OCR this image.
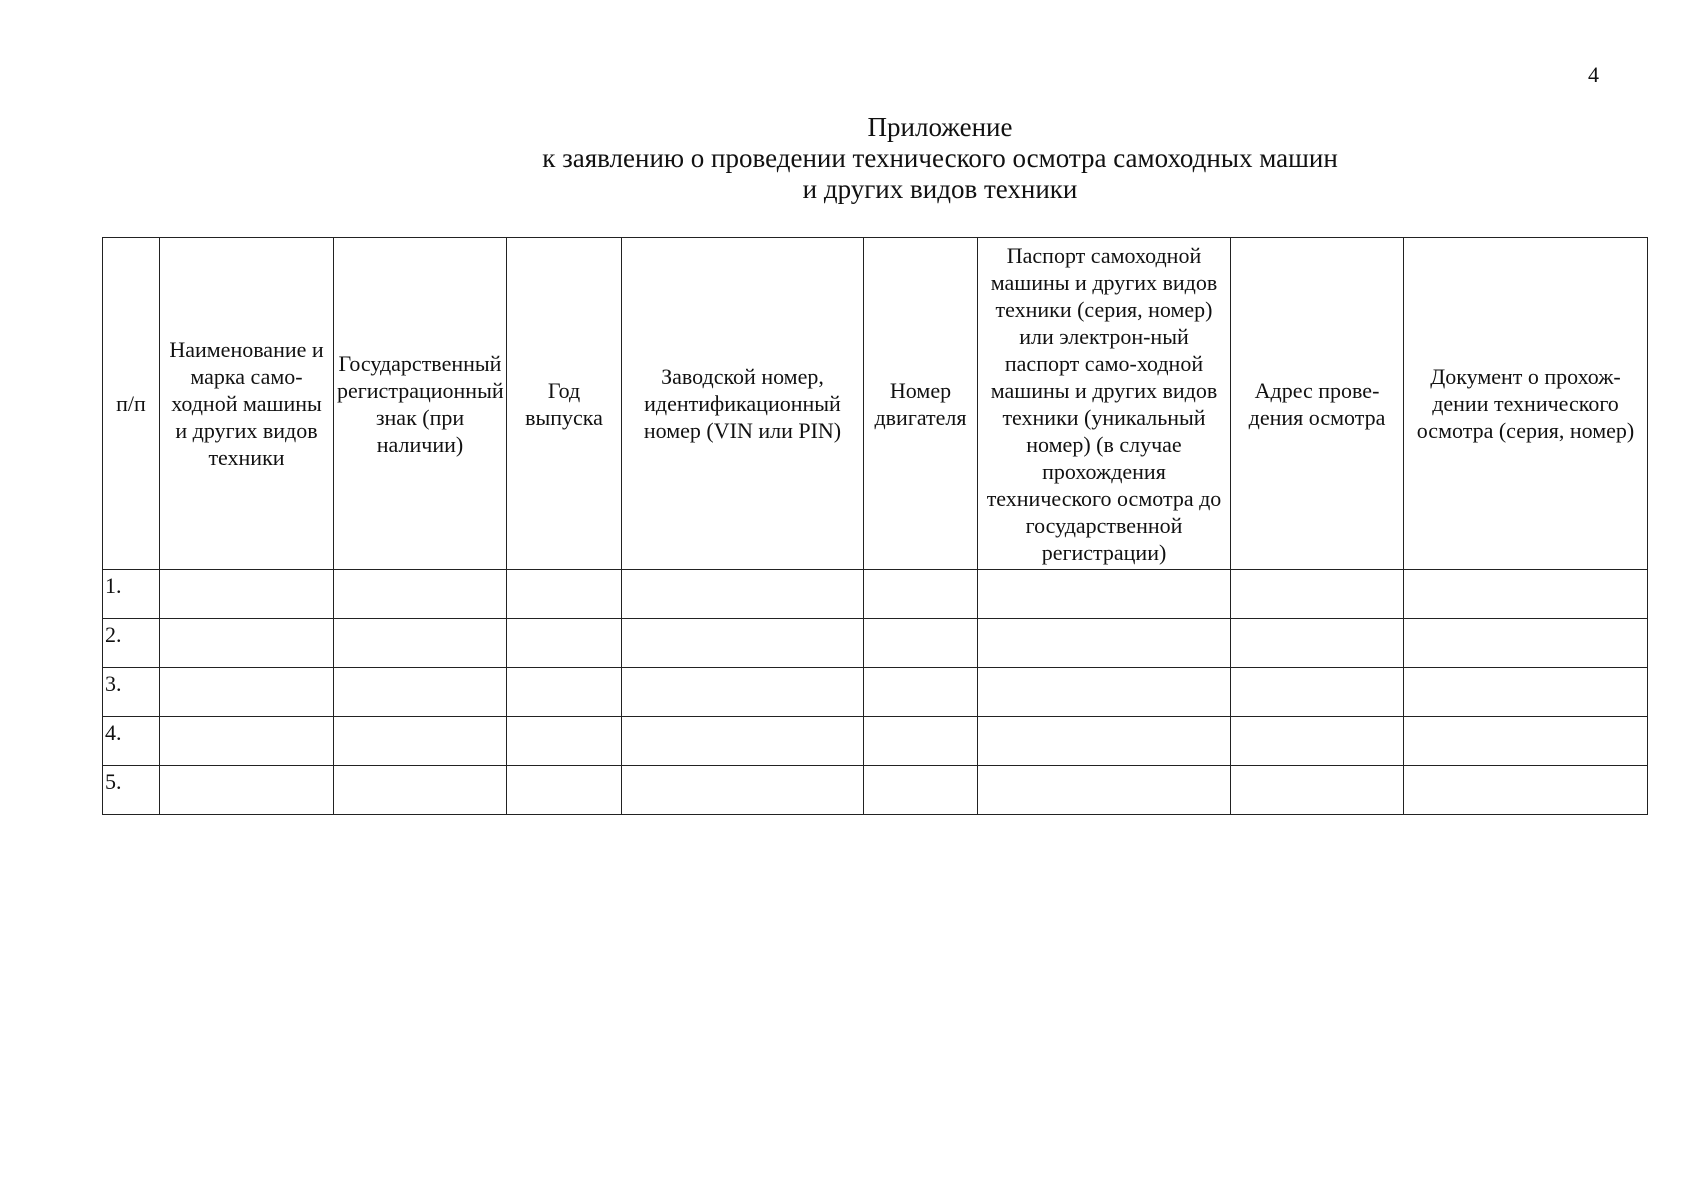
4
Приложение
к заявлению о проведении технического осмотра самоходных машин
и других видов техники
п/п	Наименование и марка само-ходной машины и других видов техники	Государственный регистрационный знак (при наличии)	Год выпуска	Заводской номер, идентификационный номер (VIN или PIN)	Номер двигателя	Паспорт самоходной машины и других видов техники (серия, номер) или электрон-ный паспорт само-ходной машины и других видов техники (уникальный номер) (в случае прохождения технического осмотра до государственной регистрации)	Адрес прове-дения осмотра	Документ о прохож-дении технического осмотра (серия, номер)
1.								
2.								
3.								
4.								
5.								
